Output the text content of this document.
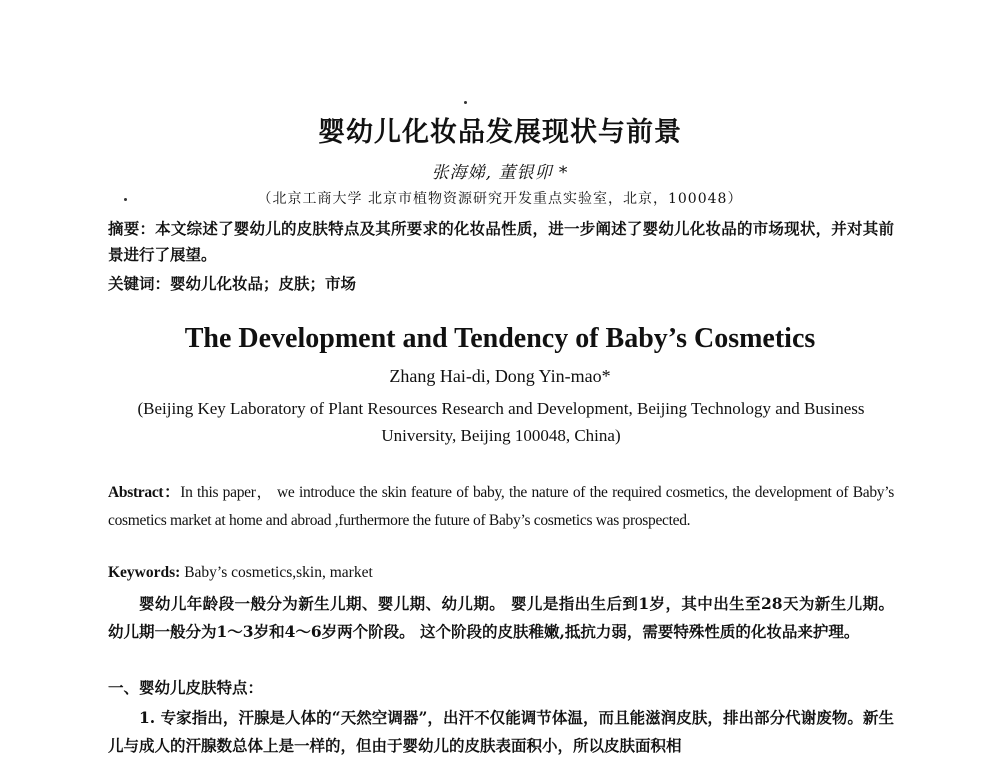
婴幼儿化妆品发展现状与前景
张海娣, 董银卯 *
（北京工商大学 北京市植物资源研究开发重点实验室，北京，100048）
摘要：本文综述了婴幼儿的皮肤特点及其所要求的化妆品性质，进一步阐述了婴幼儿化妆品的市场现状，并对其前景进行了展望。
关键词：婴幼儿化妆品；皮肤；市场
The Development and Tendency of Baby’s Cosmetics
Zhang Hai-di, Dong Yin-mao*
(Beijing Key Laboratory of Plant Resources Research and Development, Beijing Technology and Business University, Beijing 100048, China)
Abstract：In this paper， we introduce the skin feature of baby, the nature of the required cosmetics, the development of Baby’s cosmetics market at home and abroad ,furthermore the future of Baby’s cosmetics was prospected.
Keywords: Baby’s cosmetics,skin, market
婴幼儿年龄段一般分为新生儿期、婴儿期、幼儿期。 婴儿是指出生后到1岁，其中出生至28天为新生儿期。 幼儿期一般分为1～3岁和4～6岁两个阶段。 这个阶段的皮肤稚嫩,抵抗力弱，需要特殊性质的化妆品来护理。
一、婴幼儿皮肤特点：
1. 专家指出，汗腺是人体的“天然空调器”，出汗不仅能调节体温，而且能滋润皮肤，排出部分代谢废物。新生儿与成人的汗腺数总体上是一样的，但由于婴幼儿的皮肤表面积小，所以皮肤面积相
